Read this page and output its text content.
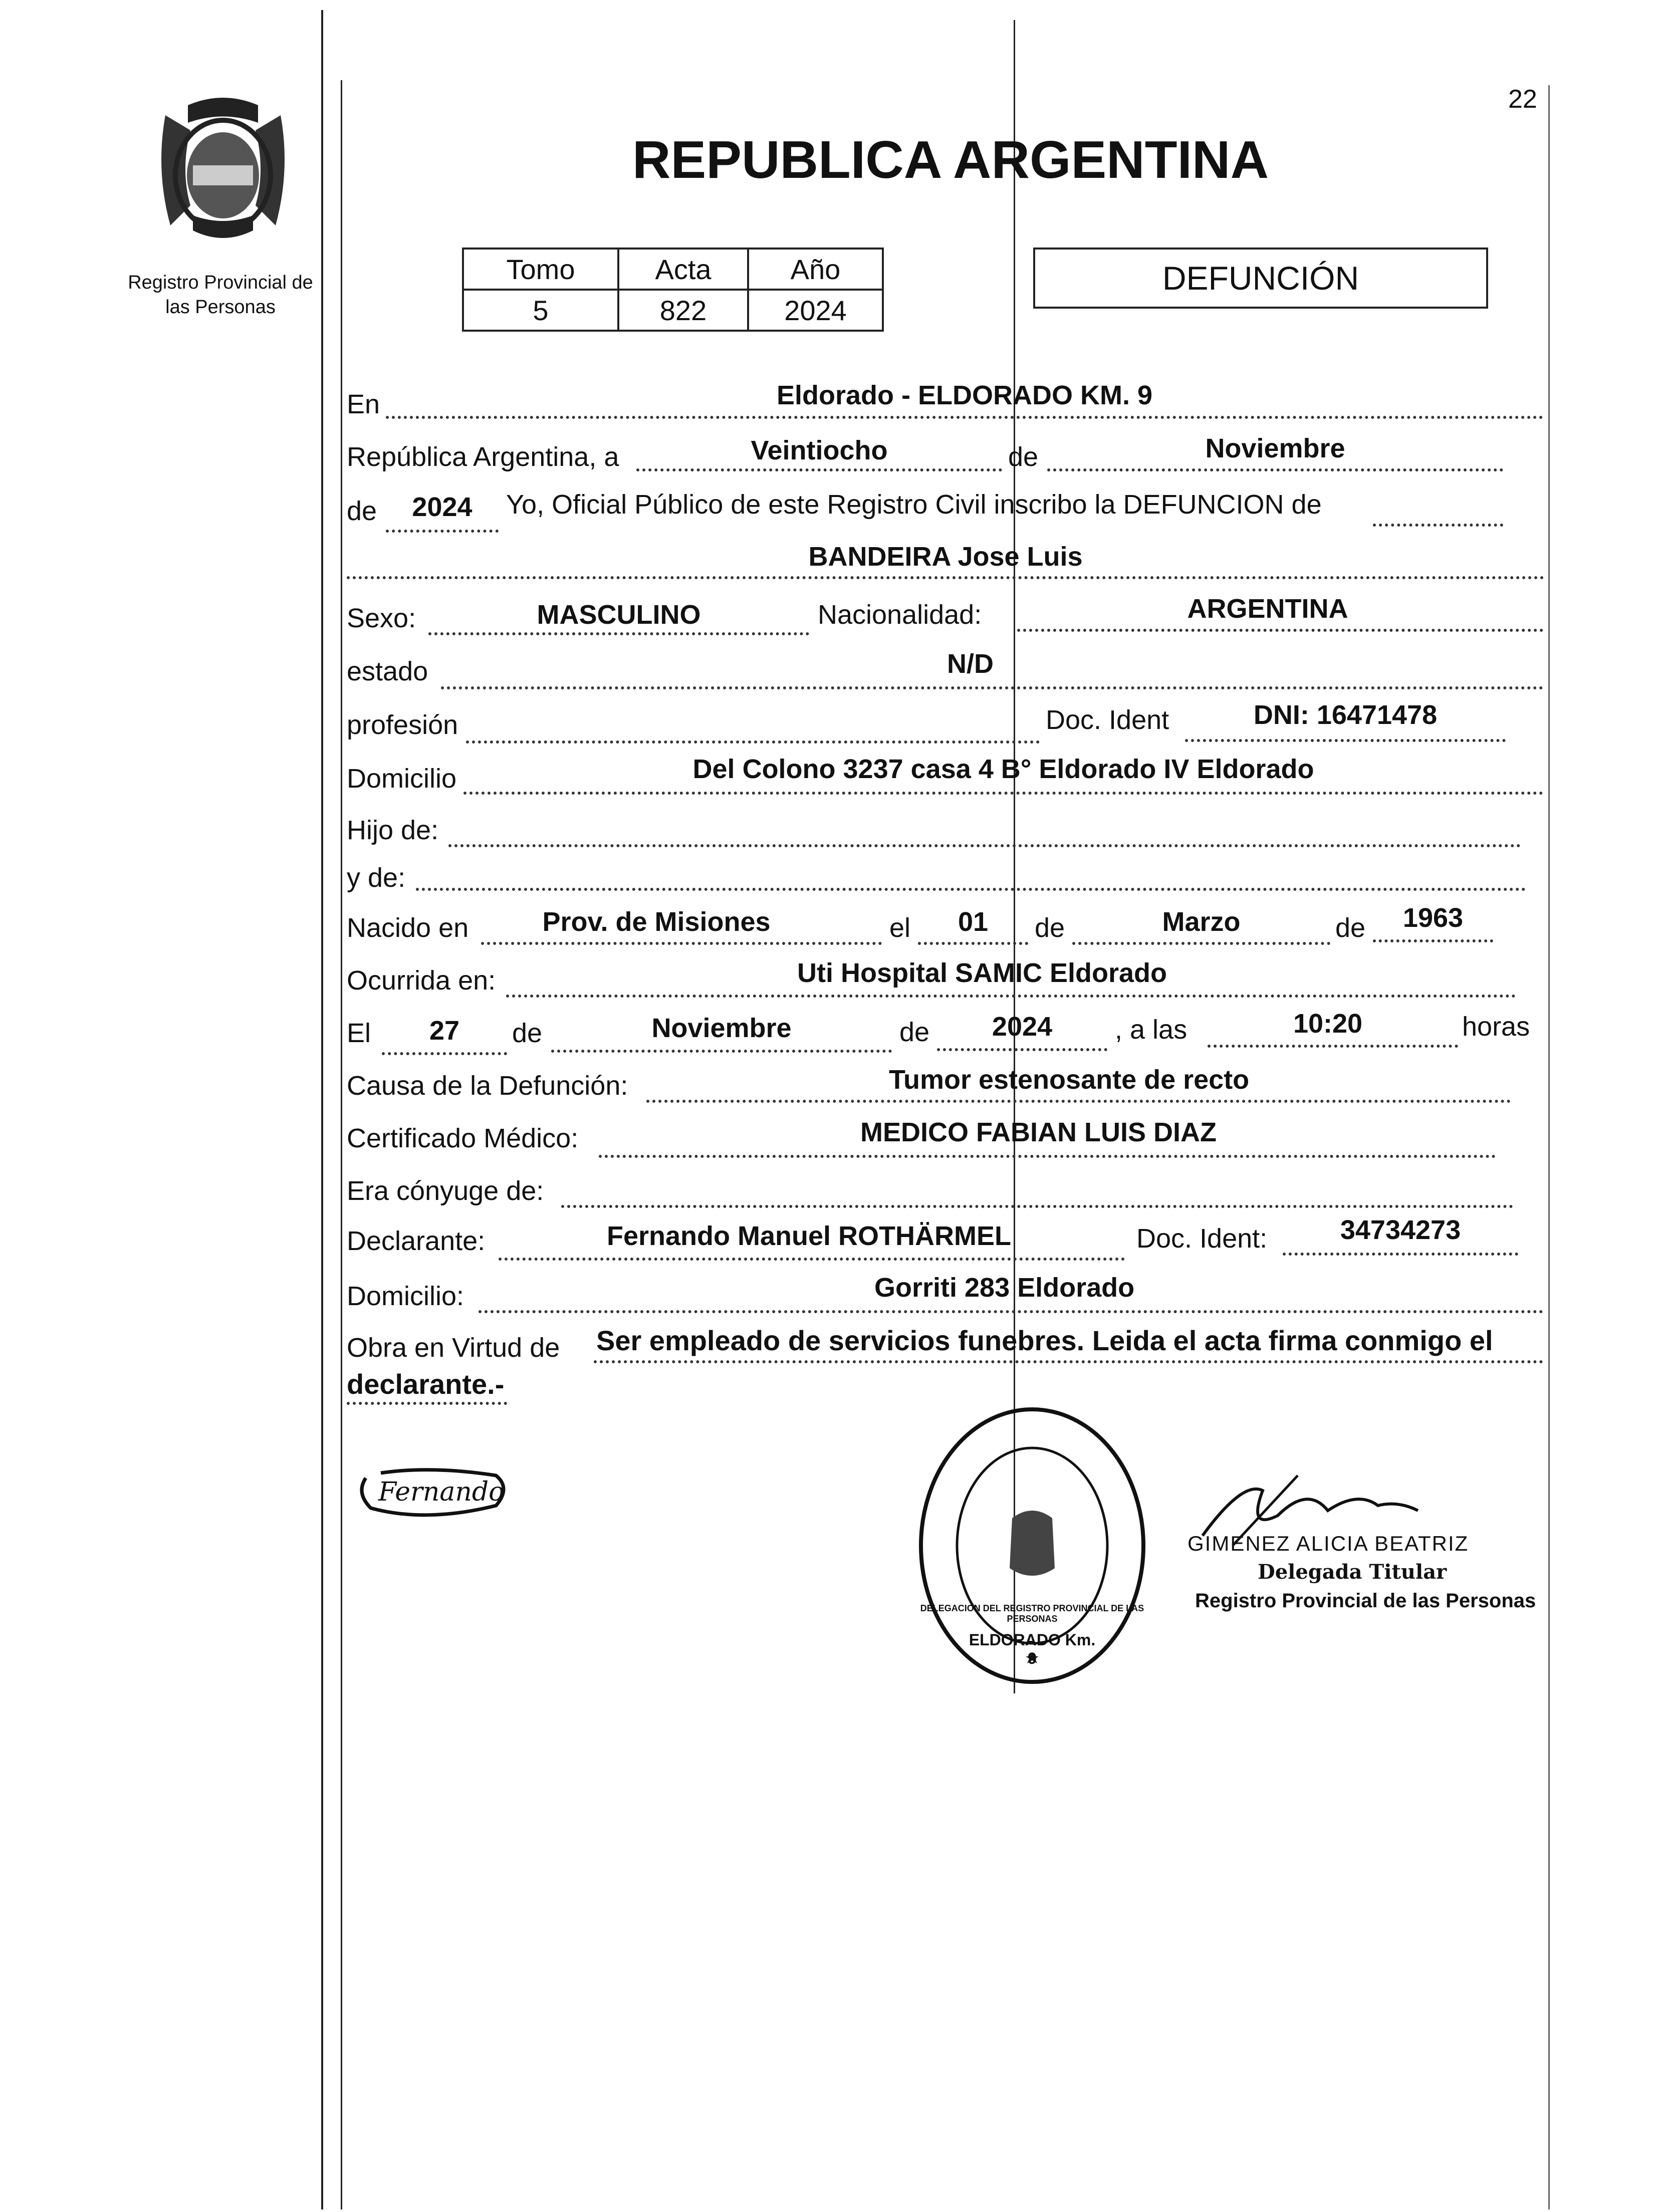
22
Registro Provincial de las Personas
REPUBLICA ARGENTINA
Tomo	Acta	Año
5	822	2024
DEFUNCIÓN
En	Eldorado - ELDORADO KM. 9
República Argentina, a	Veintiocho	de	Noviembre
de	2024	Yo, Oficial Público de este Registro Civil inscribo la DEFUNCION de
BANDEIRA Jose Luis
Sexo:	MASCULINO	Nacionalidad:	ARGENTINA
estado	N/D
profesión	Doc. Ident	DNI: 16471478
Domicilio	Del Colono 3237 casa 4 B° Eldorado IV Eldorado
Hijo de:
y de:
Nacido en	Prov. de Misiones	el	01	de	Marzo	de	1963
Ocurrida en:	Uti Hospital SAMIC Eldorado
El	27	de	Noviembre	de	2024	, a las	10:20	horas
Causa de la Defunción:	Tumor estenosante de recto
Certificado Médico:	MEDICO FABIAN LUIS DIAZ
Era cónyuge de:
Declarante:	Fernando Manuel ROTHÄRMEL	Doc. Ident:	34734273
Domicilio:	Gorriti 283 Eldorado
Obra en Virtud de Ser empleado de servicios funebres. Leida el acta firma conmigo el
declarante.-
Fernando
DELEGACION DEL REGISTRO PROVINCIAL DE LAS PERSONAS
ELDORADO Km. 9
GIMENEZ ALICIA BEATRIZ
Delegada Titular
Registro Provincial de las Personas
